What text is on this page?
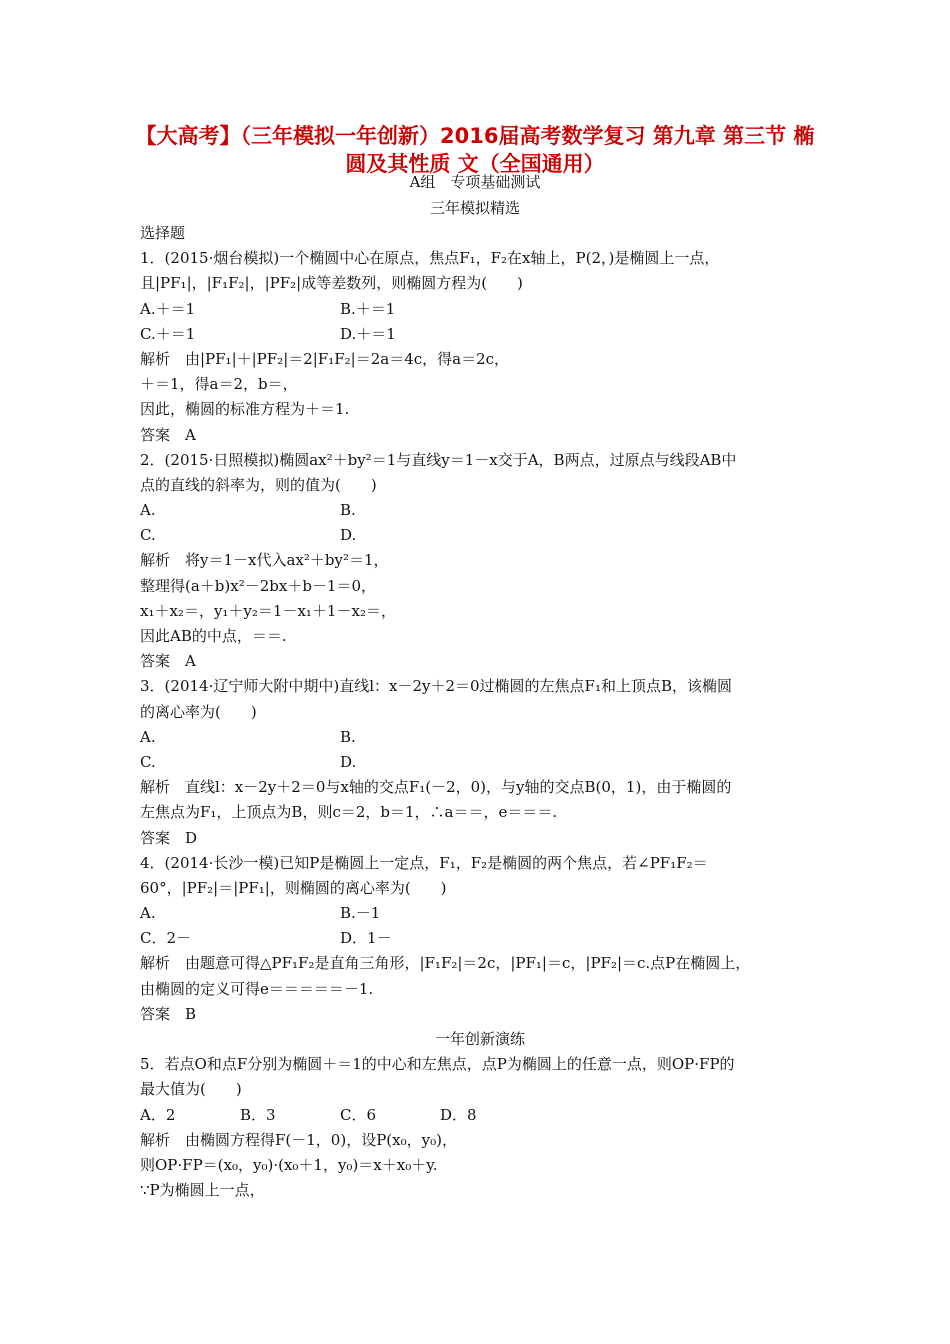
【大高考】（三年模拟一年创新）2016届高考数学复习 第九章 第三节 椭圆及其性质 文（全国通用）
A组　专项基础测试
三年模拟精选
选择题
1．(2015·烟台模拟)一个椭圆中心在原点，焦点F₁，F₂在x轴上，P(2，)是椭圆上一点，
且|PF₁|，|F₁F₂|，|PF₂|成等差数列，则椭圆方程为(　　)
A.＋＝1	B.＋＝1
C.＋＝1	D.＋＝1
解析　由|PF₁|＋|PF₂|＝2|F₁F₂|＝2a＝4c，得a＝2c，
＋＝1，得a＝2，b＝，
因此，椭圆的标准方程为＋＝1.
答案　A
2．(2015·日照模拟)椭圆ax²＋by²＝1与直线y＝1－x交于A，B两点，过原点与线段AB中
点的直线的斜率为，则的值为(　　)
A.	B.
C.	D.
解析　将y＝1－x代入ax²＋by²＝1，
整理得(a＋b)x²－2bx＋b－1＝0，
x₁＋x₂＝，y₁＋y₂＝1－x₁＋1－x₂＝，
因此AB的中点，＝＝.
答案　A
3．(2014·辽宁师大附中期中)直线l：x－2y＋2＝0过椭圆的左焦点F₁和上顶点B，该椭圆
的离心率为(　　)
A.	B.
C.	D.
解析　直线l：x－2y＋2＝0与x轴的交点F₁(－2，0)，与y轴的交点B(0，1)，由于椭圆的
左焦点为F₁，上顶点为B，则c＝2，b＝1，∴a＝＝，e＝＝＝.
答案　D
4．(2014·长沙一模)已知P是椭圆上一定点，F₁，F₂是椭圆的两个焦点，若∠PF₁F₂＝
60°，|PF₂|＝|PF₁|，则椭圆的离心率为(　　)
A.	B.－1
C．2－	D．1－
解析　由题意可得△PF₁F₂是直角三角形，|F₁F₂|＝2c，|PF₁|＝c，|PF₂|＝c.点P在椭圆上，
由椭圆的定义可得e＝＝＝＝＝－1.
答案　B
一年创新演练
5．若点O和点F分别为椭圆＋＝1的中心和左焦点，点P为椭圆上的任意一点，则OP·FP的
最大值为(　　)
A．2	B．3	C．6	D．8
解析　由椭圆方程得F(－1，0)，设P(x₀，y₀)，
则OP·FP＝(x₀，y₀)·(x₀＋1，y₀)＝x＋x₀＋y.
∵P为椭圆上一点，
